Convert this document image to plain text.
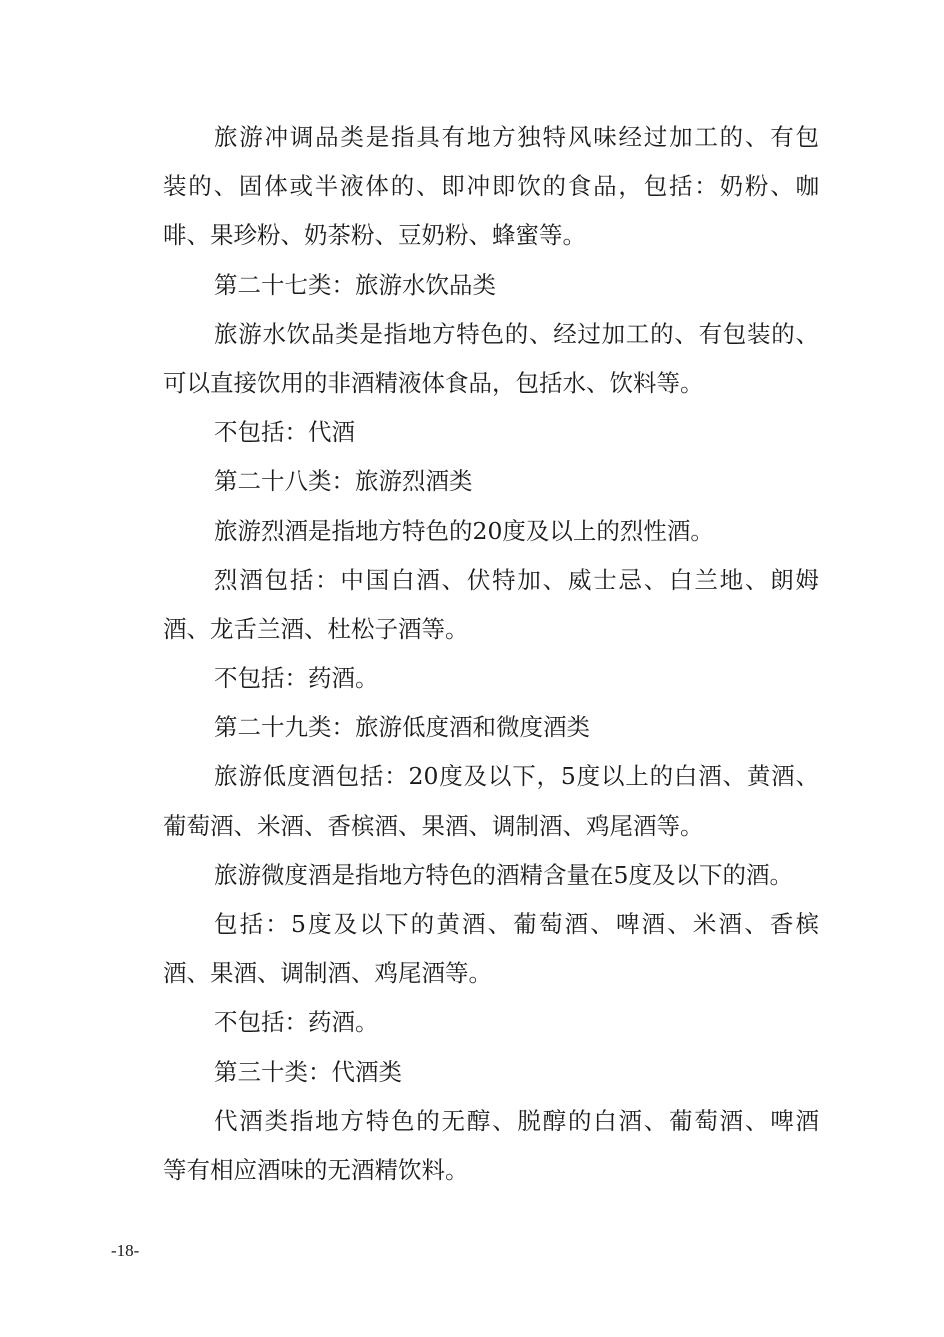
旅游冲调品类是指具有地方独特风味经过加工的、有包
装的、固体或半液体的、即冲即饮的食品，包括：奶粉、咖
啡、果珍粉、奶茶粉、豆奶粉、蜂蜜等。
第二十七类：旅游水饮品类
旅游水饮品类是指地方特色的、经过加工的、有包装的、
可以直接饮用的非酒精液体食品，包括水、饮料等。
不包括：代酒
第二十八类：旅游烈酒类
旅游烈酒是指地方特色的20度及以上的烈性酒。
烈酒包括：中国白酒、伏特加、威士忌、白兰地、朗姆
酒、龙舌兰酒、杜松子酒等。
不包括：药酒。
第二十九类：旅游低度酒和微度酒类
旅游低度酒包括：20度及以下，5度以上的白酒、黄酒、
葡萄酒、米酒、香槟酒、果酒、调制酒、鸡尾酒等。
旅游微度酒是指地方特色的酒精含量在5度及以下的酒。
包括：5度及以下的黄酒、葡萄酒、啤酒、米酒、香槟
酒、果酒、调制酒、鸡尾酒等。
不包括：药酒。
第三十类：代酒类
代酒类指地方特色的无醇、脱醇的白酒、葡萄酒、啤酒
等有相应酒味的无酒精饮料。
-18-
